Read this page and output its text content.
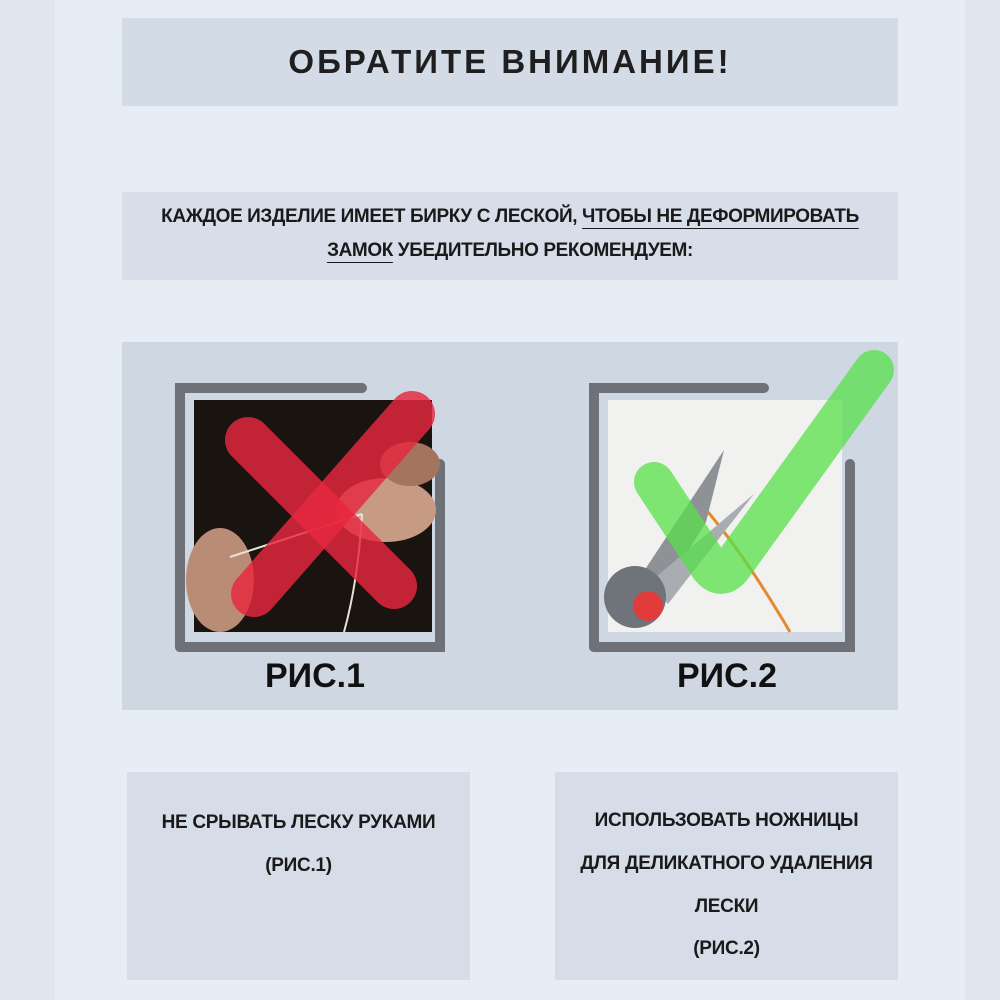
ОБРАТИТЕ ВНИМАНИЕ!
КАЖДОЕ ИЗДЕЛИЕ ИМЕЕТ БИРКУ С ЛЕСКОЙ, ЧТОБЫ НЕ ДЕФОРМИРОВАТЬ
ЗАМОК УБЕДИТЕЛЬНО РЕКОМЕНДУЕМ:
РИС.1	РИС.2

НЕ СРЫВАТЬ ЛЕСКУ РУКАМИ

(РИС.1)

ИСПОЛЬЗОВАТЬ НОЖНИЦЫ

ДЛЯ ДЕЛИКАТНОГО УДАЛЕНИЯ

ЛЕСКИ

(РИС.2)
